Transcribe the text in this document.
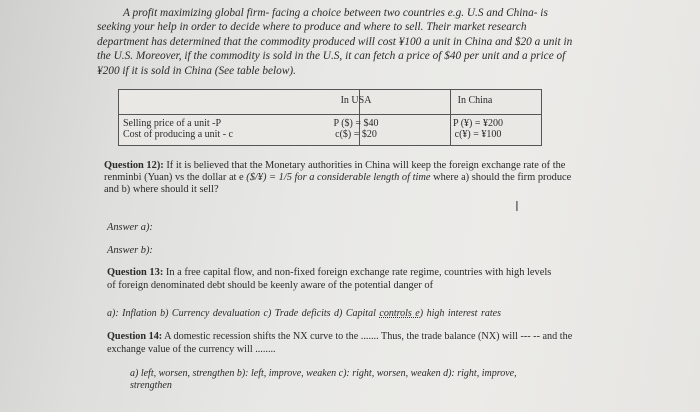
A profit maximizing global firm- facing a choice between two countries e.g. U.S and China- is seeking your help in order to decide where to produce and where to sell. Their market research department has determined that the commodity produced will cost ¥100 a unit in China and $20 a unit in the U.S. Moreover, if the commodity is sold in the U.S, it can fetch a price of $40 per unit and a price of ¥200 if it is sold in China (See table below).
In USA	In China
Selling price of a unit -P
Cost of producing a unit - c
P ($) = $40
c($) = $20
P (¥) = ¥200
c(¥) = ¥100
Question 12): If it is believed that the Monetary authorities in China will keep the foreign exchange rate of the renminbi (Yuan) vs the dollar at e ($/¥) = 1/5 for a considerable length of time where a) should the firm produce and b) where should it sell?
I
Answer a):
Answer b):
Question 13: In a free capital flow, and non-fixed foreign exchange rate regime, countries with high levels of foreign denominated debt should be keenly aware of the potential danger of
a): Inflation b) Currency devaluation c) Trade deficits d) Capital controls e) high interest rates
Question 14: A domestic recession shifts the NX curve to the ....... Thus, the trade balance (NX) will --- -- and the exchange value of the currency will ........
a) left, worsen, strengthen b): left, improve, weaken c): right, worsen, weaken d): right, improve, strengthen
